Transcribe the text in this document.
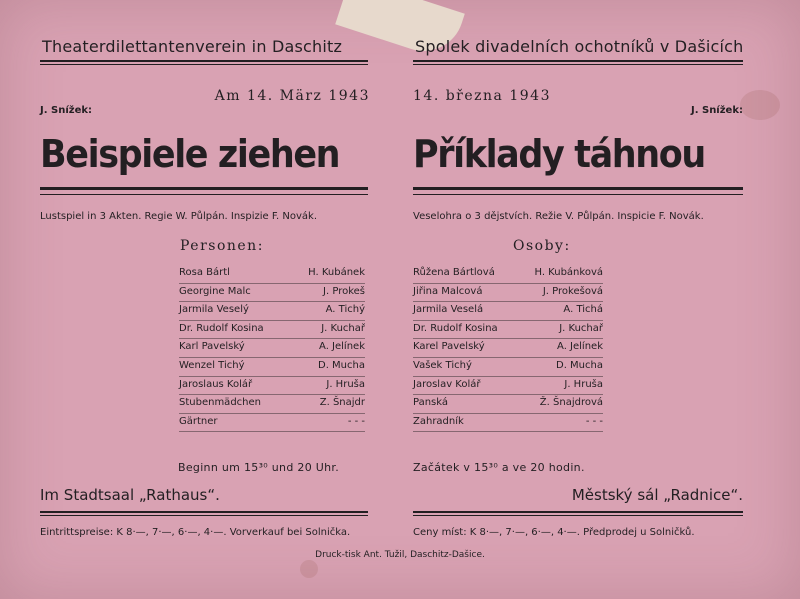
Theaterdilettantenverein in Daschitz
Am 14. März 1943
J. Snížek:
Beispiele ziehen
Lustspiel in 3 Akten. Regie W. Půlpán. Inspizie F. Novák.
Personen:
Rosa Bártl	H. Kubánek
Georgine Malc	J. Prokeš
Jarmila Veselý	A. Tichý
Dr. Rudolf Kosina	J. Kuchař
Karl Pavelský	A. Jelínek
Wenzel Tichý	D. Mucha
Jaroslaus Kolář	J. Hruša
Stubenmädchen	Z. Šnajdr
Gärtner	- - -
Beginn um 15³⁰ und 20 Uhr.
Im Stadtsaal „Rathaus“.
Eintrittspreise: K 8·—, 7·—, 6·—, 4·—. Vorverkauf bei Solnička.
Spolek divadelních ochotníků v Dašicích
14. března 1943
J. Snížek:
Příklady táhnou
Veselohra o 3 dějstvích. Režie V. Půlpán. Inspicie F. Novák.
Osoby:
Růžena Bártlová	H. Kubánková
Jiřina Malcová	J. Prokešová
Jarmila Veselá	A. Tichá
Dr. Rudolf Kosina	J. Kuchař
Karel Pavelský	A. Jelínek
Vašek Tichý	D. Mucha
Jaroslav Kolář	J. Hruša
Panská	Ž. Šnajdrová
Zahradník	- - -
Začátek v 15³⁰ a ve 20 hodin.
Městský sál „Radnice“.
Ceny míst: K 8·—, 7·—, 6·—, 4·—. Předprodej u Solničků.
Druck-tisk Ant. Tužil, Daschitz-Dašice.
